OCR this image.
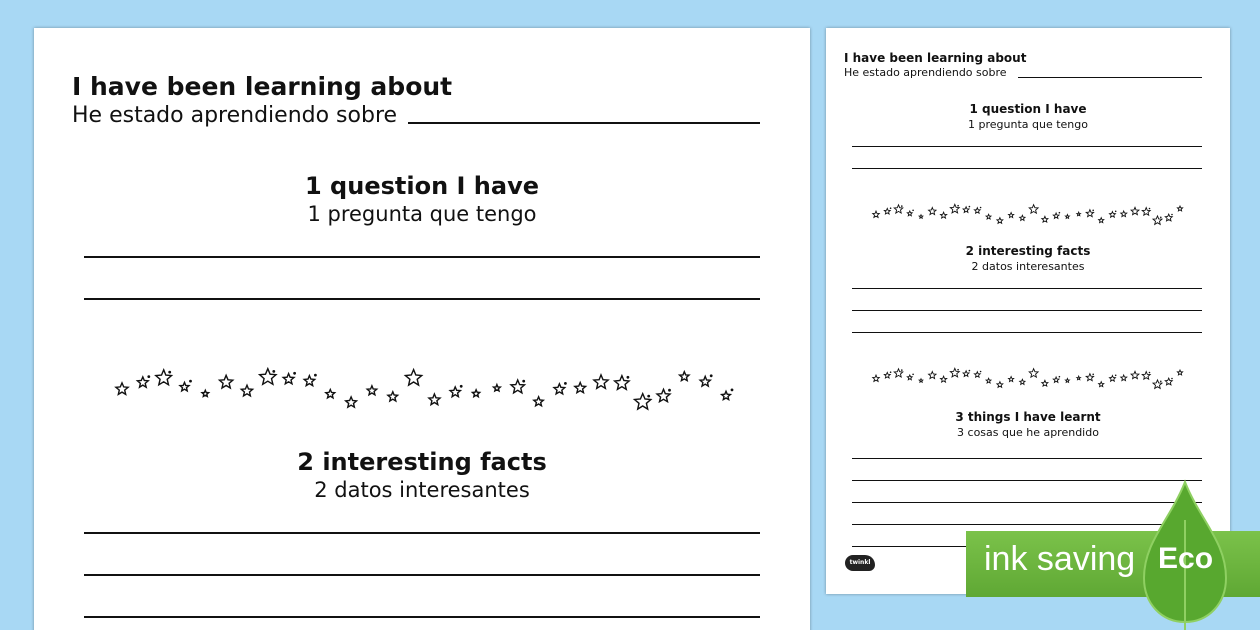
I have been learning about
He estado aprendiendo sobre
1 question I have
1 pregunta que tengo
2 interesting facts
2 datos interesantes
I have been learning about
He estado aprendiendo sobre
1 question I have
1 pregunta que tengo
2 interesting facts
2 datos interesantes
3 things I have learnt
3 cosas que he aprendido
twinkl	ink saving Eco
